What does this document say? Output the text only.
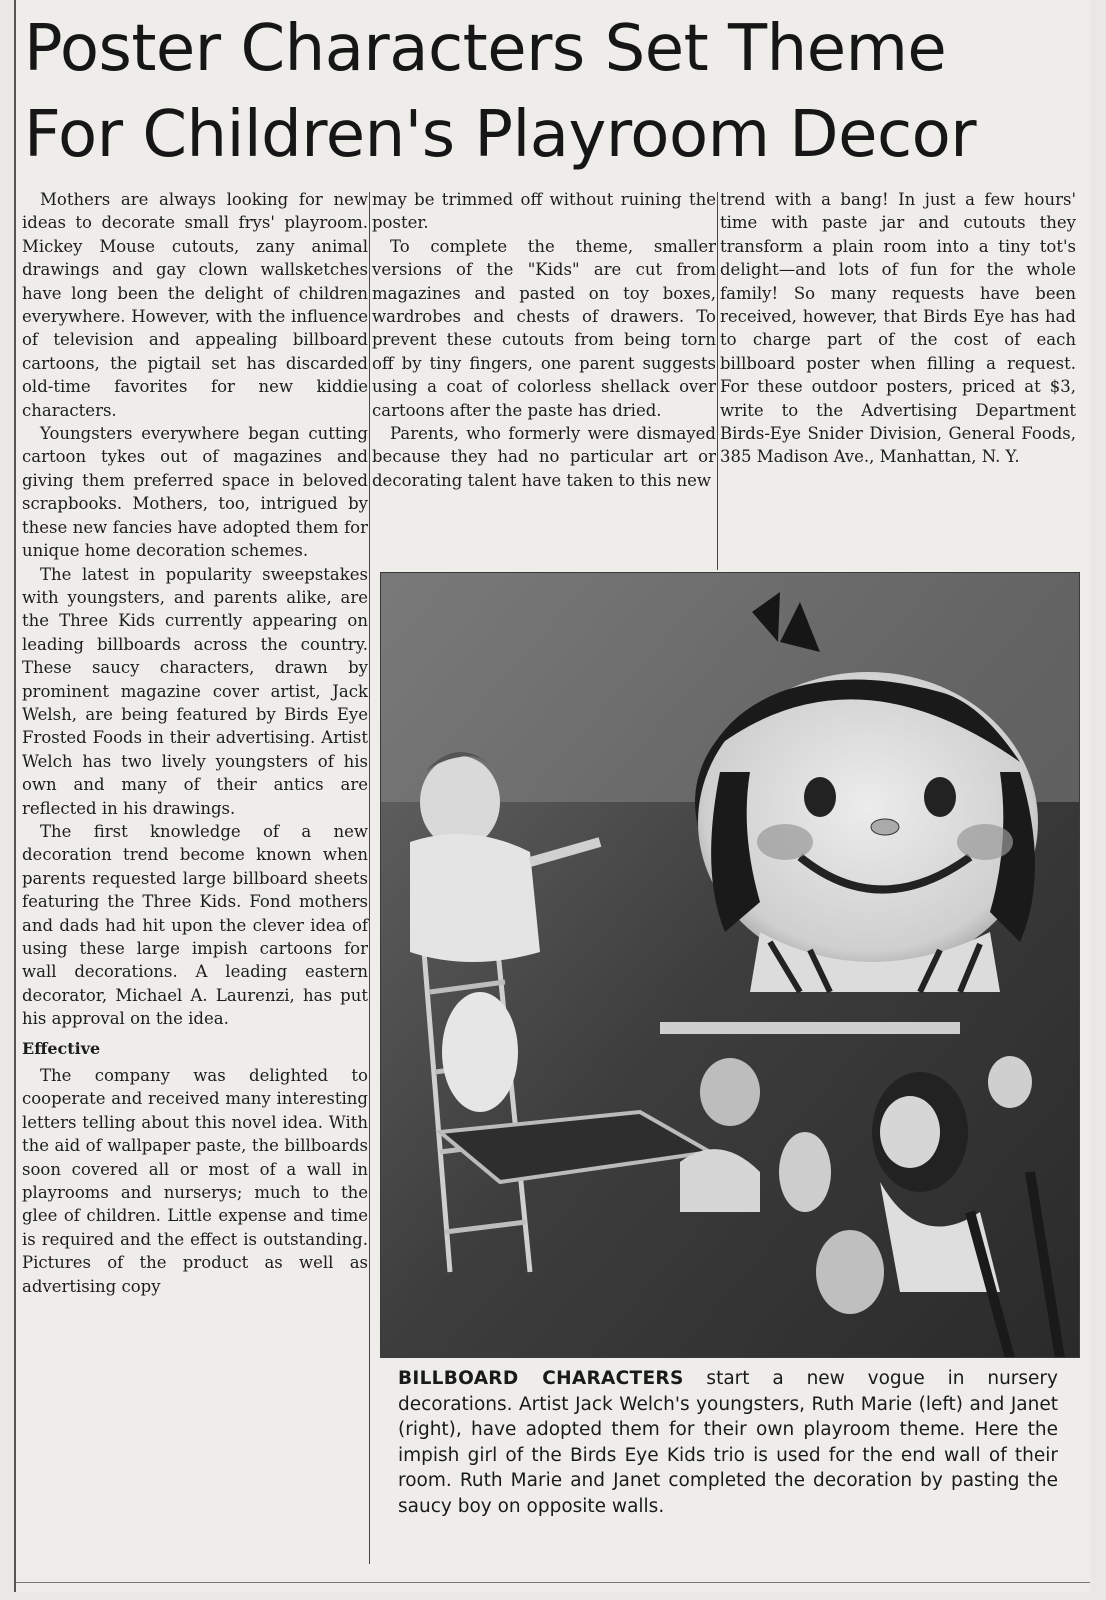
Poster Characters Set Theme
For Children's Playroom Decor

Mothers are always looking for new ideas to decorate small frys' playroom. Mickey Mouse cutouts, zany animal drawings and gay clown wallsketches have long been the delight of children everywhere. However, with the influence of television and appealing billboard cartoons, the pigtail set has discarded old-time favorites for new kiddie characters.

Youngsters everywhere began cutting cartoon tykes out of magazines and giving them preferred space in beloved scrapbooks. Mothers, too, intrigued by these new fancies have adopted them for unique home decoration schemes.

The latest in popularity sweepstakes with youngsters, and parents alike, are the Three Kids currently appearing on leading billboards across the country. These saucy characters, drawn by prominent magazine cover artist, Jack Welsh, are being featured by Birds Eye Frosted Foods in their advertising. Artist Welch has two lively youngsters of his own and many of their antics are reflected in his drawings.

The first knowledge of a new decoration trend become known when parents requested large billboard sheets featuring the Three Kids. Fond mothers and dads had hit upon the clever idea of using these large impish cartoons for wall decorations. A leading eastern decorator, Michael A. Laurenzi, has put his approval on the idea.

Effective

The company was delighted to cooperate and received many interesting letters telling about this novel idea. With the aid of wallpaper paste, the billboards soon covered all or most of a wall in playrooms and nurserys; much to the glee of children. Little expense and time is required and the effect is outstanding. Pictures of the product as well as advertising copy

may be trimmed off without ruining the poster.

To complete the theme, smaller versions of the "Kids" are cut from magazines and pasted on toy boxes, wardrobes and chests of drawers. To prevent these cutouts from being torn off by tiny fingers, one parent suggests using a coat of colorless shellack over cartoons after the paste has dried.

Parents, who formerly were dismayed because they had no particular art or decorating talent have taken to this new

trend with a bang! In just a few hours' time with paste jar and cutouts they transform a plain room into a tiny tot's delight—and lots of fun for the whole family! So many requests have been received, however, that Birds Eye has had to charge part of the cost of each billboard poster when filling a request. For these outdoor posters, priced at $3, write to the Advertising Department Birds-Eye Snider Division, General Foods, 385 Madison Ave., Manhattan, N. Y.

BILLBOARD CHARACTERS start a new vogue in nursery decorations. Artist Jack Welch's youngsters, Ruth Marie (left) and Janet (right), have adopted them for their own playroom theme. Here the impish girl of the Birds Eye Kids trio is used for the end wall of their room. Ruth Marie and Janet completed the decoration by pasting the saucy boy on opposite walls.
